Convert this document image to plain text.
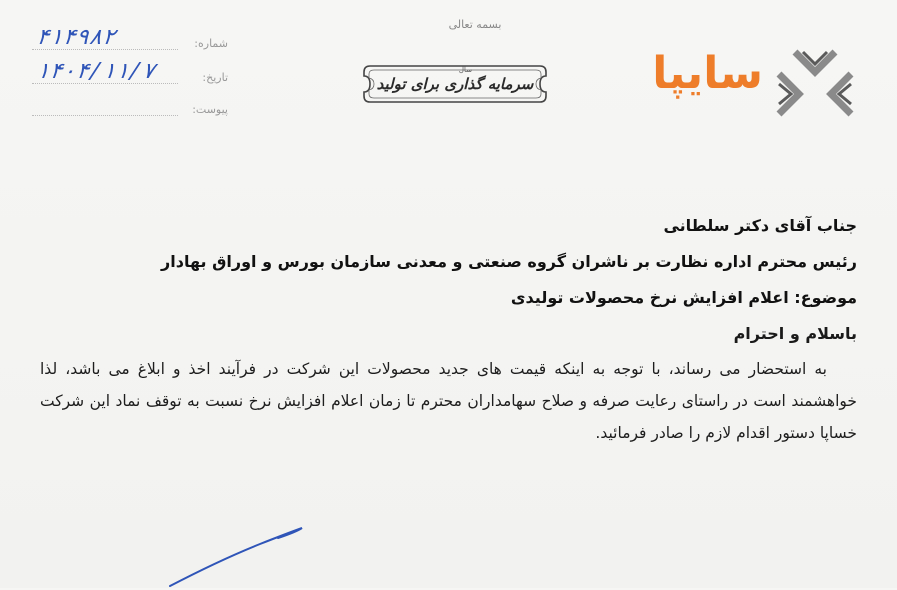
بسمه تعالی
سرمایه گذاری برای تولید
سال	سایپا
۴۱۴۹۸۲	شماره:
۱۴۰۴/۱۱/۷	تاریخ:
پیوست:
جناب آقای دکتر سلطانی
رئیس محترم اداره نظارت بر ناشران گروه صنعتی و معدنی سازمان بورس و اوراق بهادار
موضوع: اعلام افزایش نرخ محصولات تولیدی
باسلام و احترام
به استحضار می رساند، با توجه به اینکه قیمت های جدید محصولات این شرکت در فرآیند اخذ و ابلاغ می باشد، لذا خواهشمند است در راستای رعایت صرفه و صلاح سهامداران محترم تا زمان اعلام افزایش نرخ نسبت به توقف نماد این شرکت خساپا دستور اقدام لازم را صادر فرمائید.
